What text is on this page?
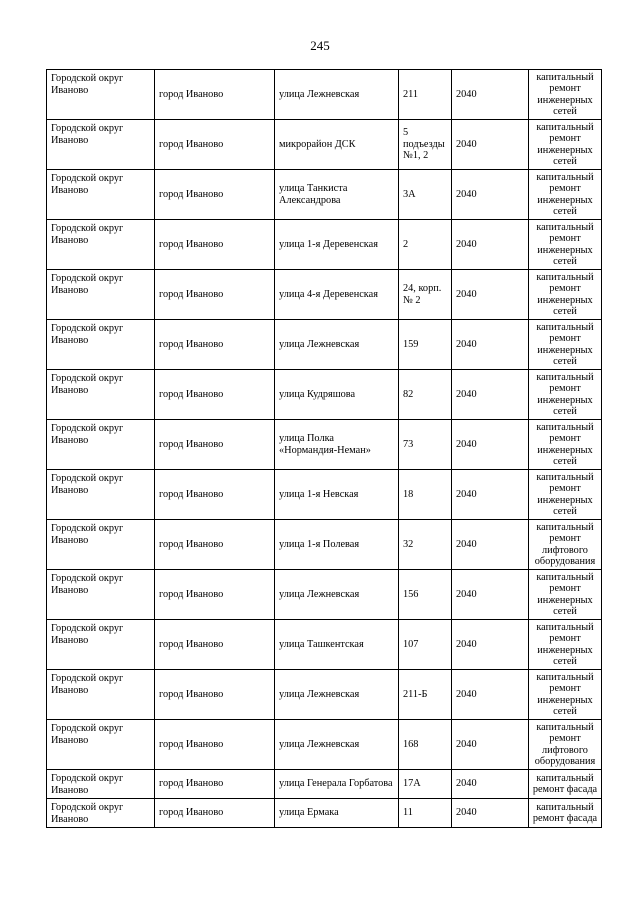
245
Городской округ Иваново	город Иваново	улица Лежневская	211	2040	капитальный ремонт инженерных сетей
Городской округ Иваново	город Иваново	микрорайон ДСК	5 подъезды №1, 2	2040	капитальный ремонт инженерных сетей
Городской округ Иваново	город Иваново	улица Танкиста Александрова	3А	2040	капитальный ремонт инженерных сетей
Городской округ Иваново	город Иваново	улица 1-я Деревенская	2	2040	капитальный ремонт инженерных сетей
Городской округ Иваново	город Иваново	улица 4-я Деревенская	24, корп. № 2	2040	капитальный ремонт инженерных сетей
Городской округ Иваново	город Иваново	улица Лежневская	159	2040	капитальный ремонт инженерных сетей
Городской округ Иваново	город Иваново	улица Кудряшова	82	2040	капитальный ремонт инженерных сетей
Городской округ Иваново	город Иваново	улица Полка «Нормандия-Неман»	73	2040	капитальный ремонт инженерных сетей
Городской округ Иваново	город Иваново	улица 1-я Невская	18	2040	капитальный ремонт инженерных сетей
Городской округ Иваново	город Иваново	улица 1-я Полевая	32	2040	капитальный ремонт лифтового оборудования
Городской округ Иваново	город Иваново	улица Лежневская	156	2040	капитальный ремонт инженерных сетей
Городской округ Иваново	город Иваново	улица Ташкентская	107	2040	капитальный ремонт инженерных сетей
Городской округ Иваново	город Иваново	улица Лежневская	211-Б	2040	капитальный ремонт инженерных сетей
Городской округ Иваново	город Иваново	улица Лежневская	168	2040	капитальный ремонт лифтового оборудования
Городской округ Иваново	город Иваново	улица Генерала Горбатова	17А	2040	капитальный ремонт фасада
Городской округ Иваново	город Иваново	улица Ермака	11	2040	капитальный ремонт фасада
